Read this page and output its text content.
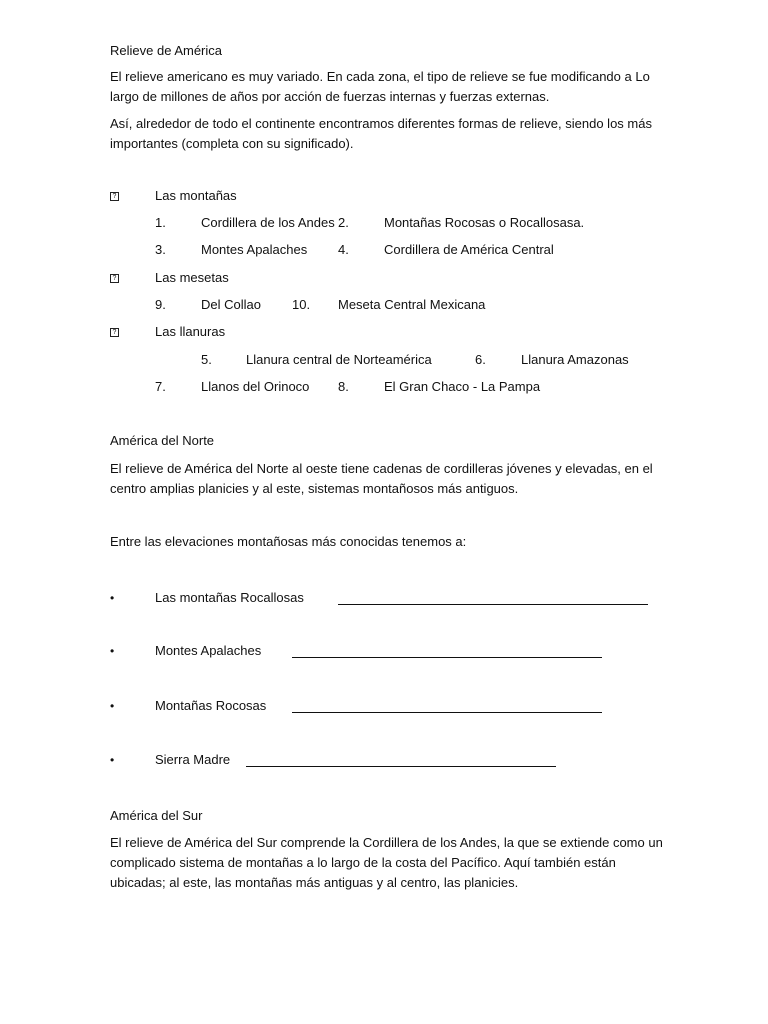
Relieve de América
El relieve americano es muy variado. En cada zona, el tipo de relieve se fue modificando a Lo largo de millones de años por acción de fuerzas internas y fuerzas externas.
Así, alrededor de todo el continente encontramos diferentes formas de relieve, siendo los más importantes (completa con su significado).
?	Las montañas
1.	Cordillera de los Andes 2.	Montañas Rocosas o Rocallosasa.
3.	Montes Apalaches 4.	Cordillera de América Central
?	Las mesetas
9.	Del Collao 10. Meseta Central Mexicana
?	Las llanuras
5.	Llanura central de Norteamérica	6.	Llanura Amazonas
7.	Llanos del Orinoco 8.	El Gran Chaco - La Pampa
América del Norte
El relieve de América del Norte al oeste tiene cadenas de cordilleras jóvenes y elevadas, en el centro amplias planicies y al este, sistemas montañosos más antiguos.
Entre las elevaciones montañosas más conocidas tenemos a:
•	Las montañas Rocallosas
•	Montes Apalaches
•	Montañas Rocosas
•	Sierra Madre
América del Sur
El relieve de América del Sur comprende la Cordillera de los Andes, la que se extiende como un complicado sistema de montañas a lo largo de la costa del Pacífico. Aquí también están ubicadas; al este, las montañas más antiguas y al centro, las planicies.
